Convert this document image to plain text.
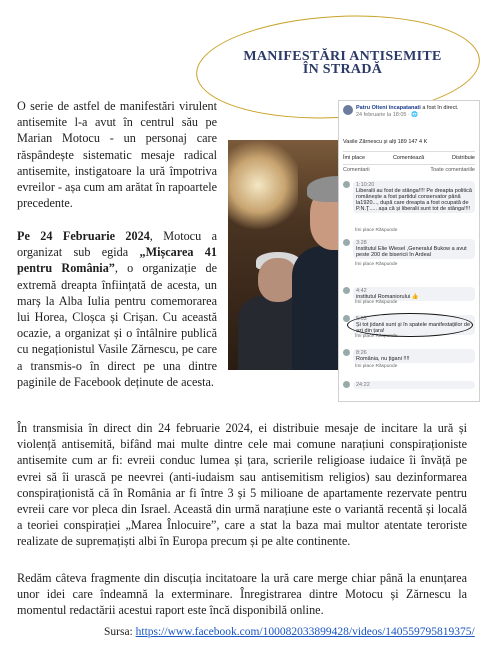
MANIFESTĂRI ANTISEMITE
ÎN STRADĂ
O serie de astfel de manifestări virulent antisemite l-a avut în centrul său pe Marian Motocu - un personaj care răspândește sistematic mesaje radical antisemite, instigatoare la ură împotriva evreilor - așa cum am arătat în rapoartele precedente.
Pe 24 Februarie 2024, Motocu a organizat sub egida „Mișcarea 41 pentru România”, o organizație de extremă dreapta înființată de acesta, un marș la Alba Iulia pentru comemorarea lui Horea, Cloșca și Crișan. Cu această ocazie, a organizat și o întâlnire publică cu negaționistul Vasile Zărnescu, pe care a transmis-o în direct pe una dintre paginile de Facebook deținute de acesta.
Patru Olteni încapatanati a fost în direct.
24 februarie la 18:05 · 🌐
Vasile Zărnescu și alți 189 147 4 K
Îmi place	Comentează	Distribuie
Comentarii	Toate comentariile
1:10:20
Liberalii au fost de stânga!!!! Pe dreapta politică românește a fost partidul conservator până la1920..., după care dreapta a fost ocupată de P.N.Ţ..... așa că și liberalii sunt tot de stânga!!!!
Îmi place Răspunde
3:28
Institutul Elie Wiesel ,Generalul Bukow a avut peste 200 de bisericii în Ardeal
Îmi place Răspunde
4:42
institutul Romaniorului 👍
Îmi place Răspunde
5:03
Și tot jidanii sunt și în spatele manifestațiilor de azi din țara!
Îmi place Răspunde
8:26
România, nu țigani !!!!
Îmi place Răspunde
24:22
În transmisia în direct din 24 februarie 2024, ei distribuie mesaje de incitare la ură și violență antisemită, bifând mai multe dintre cele mai comune narațiuni conspiraționiste antisemite cum ar fi: evreii conduc lumea și țara, scrierile religioase iudaice îi învăță pe evrei să îi urască pe neevrei (anti-iudaism sau antisemitism religios) sau dezinformarea conspiraționistă că în România ar fi între 3 și 5 milioane de apartamente rezervate pentru evreii care vor pleca din Israel. Această din urmă narațiune este o variantă recentă și locală a teoriei conspirației „Marea Înlocuire”, care a stat la baza mai multor atentate teroriste realizate de supremațiști albi în Europa precum și pe alte continente.
Redăm câteva fragmente din discuția incitatoare la ură care merge chiar până la enunțarea unor idei care îndeamnă la exterminare. Înregistrarea dintre Motocu și Zărnescu la momentul redactării acestui raport este încă disponibilă online.
Sursa: https://www.facebook.com/100082033899428/videos/1405597958193​75/
